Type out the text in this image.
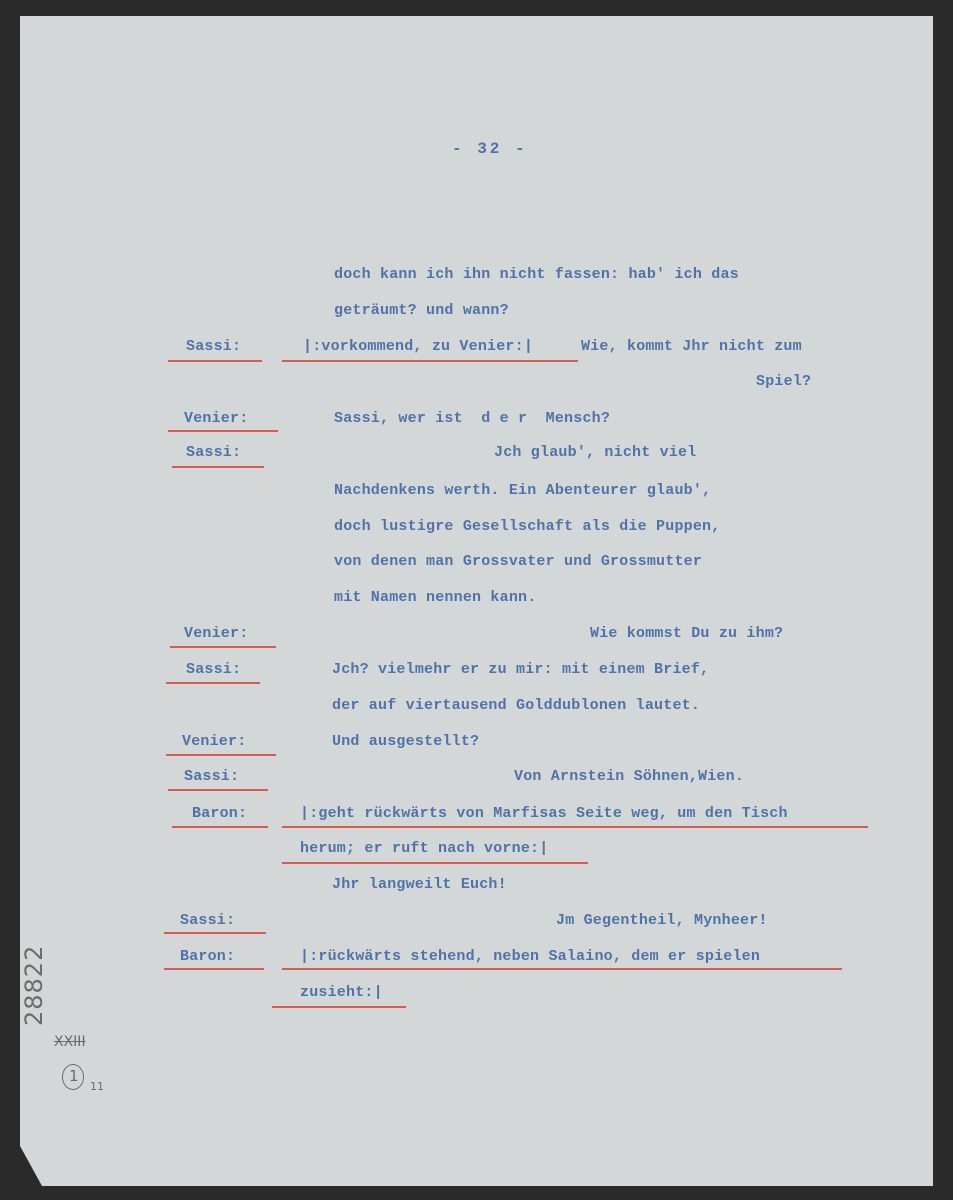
- 32 -
doch kann ich ihn nicht fassen: hab' ich das
geträumt? und wann?
Sassi:	|:vorkommend, zu Venier:|	Wie, kommt Jhr nicht zum
Spiel?
Venier:	Sassi, wer ist  d e r  Mensch?
Sassi:	Jch glaub', nicht viel
Nachdenkens werth. Ein Abenteurer glaub',
doch lustigre Gesellschaft als die Puppen,
von denen man Grossvater und Grossmutter
mit Namen nennen kann.
Venier:	Wie kommst Du zu ihm?
Sassi:	Jch? vielmehr er zu mir: mit einem Brief,
der auf viertausend Golddublonen lautet.
Venier:	Und ausgestellt?
Sassi:	Von Arnstein Söhnen,Wien.
Baron:	|:geht rückwärts von Marfisas Seite weg, um den Tisch
herum; er ruft nach vorne:|
Jhr langweilt Euch!
Sassi:	Jm Gegentheil, Mynheer!
Baron:	|:rückwärts stehend, neben Salaino, dem er spielen
zusieht:|
28822
XXIII
1
11
